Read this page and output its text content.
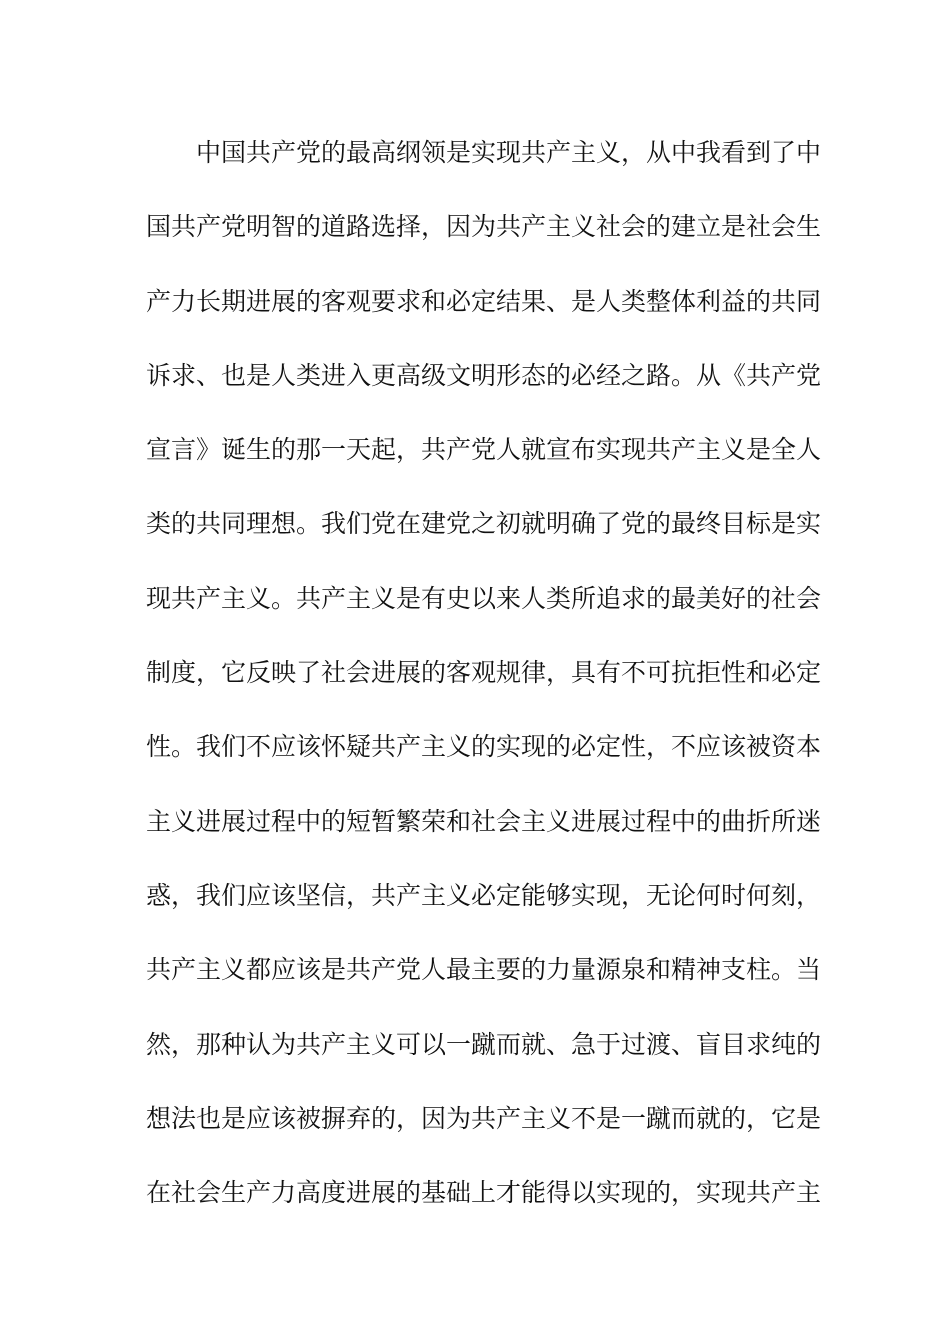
中国共产党的最高纲领是实现共产主义，从中我看到了中
国共产党明智的道路选择，因为共产主义社会的建立是社会生
产力长期进展的客观要求和必定结果、是人类整体利益的共同
诉求、也是人类进入更高级文明形态的必经之路。从《共产党
宣言》诞生的那一天起，共产党人就宣布实现共产主义是全人
类的共同理想。我们党在建党之初就明确了党的最终目标是实
现共产主义。共产主义是有史以来人类所追求的最美好的社会
制度，它反映了社会进展的客观规律，具有不可抗拒性和必定
性。我们不应该怀疑共产主义的实现的必定性，不应该被资本
主义进展过程中的短暂繁荣和社会主义进展过程中的曲折所迷
惑，我们应该坚信，共产主义必定能够实现，无论何时何刻，
共产主义都应该是共产党人最主要的力量源泉和精神支柱。当
然，那种认为共产主义可以一蹴而就、急于过渡、盲目求纯的
想法也是应该被摒弃的，因为共产主义不是一蹴而就的，它是
在社会生产力高度进展的基础上才能得以实现的，实现共产主
